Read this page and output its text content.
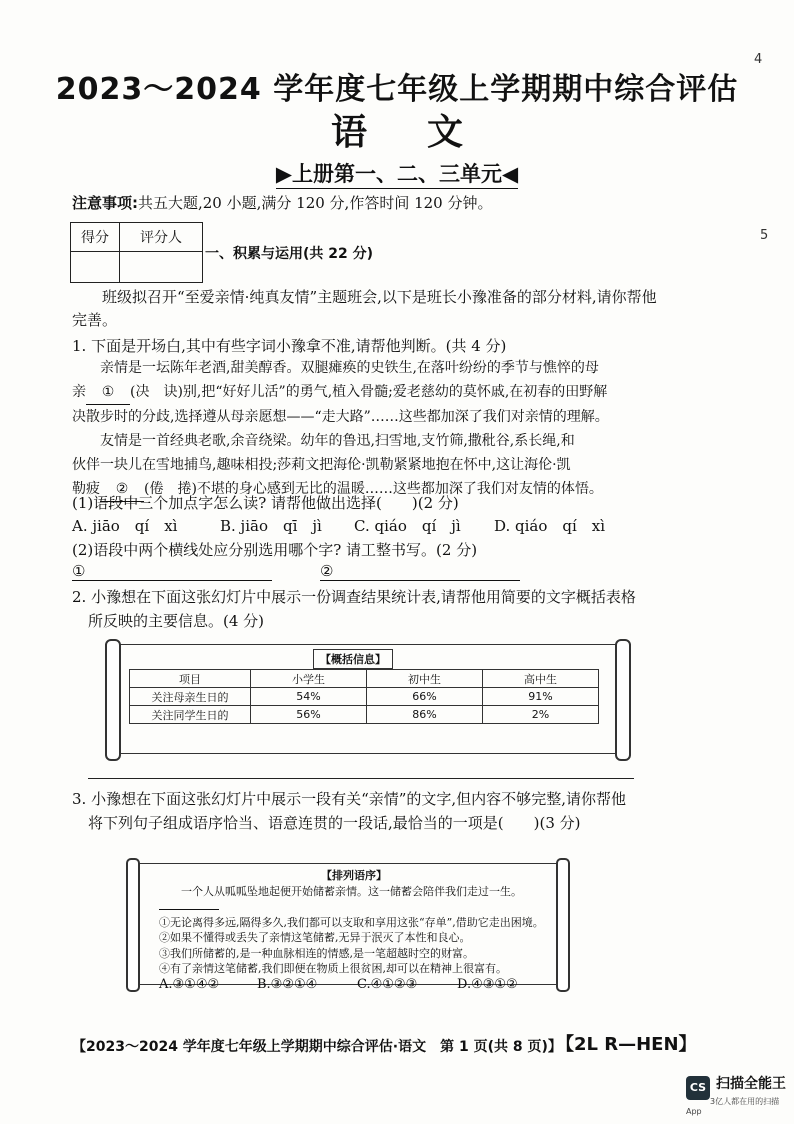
4
5
2023～2024 学年度七年级上学期期中综合评估
语文
▶上册第一、二、三单元◀
注意事项:共五大题,20 小题,满分 120 分,作答时间 120 分钟。
得分	评分人

一、积累与运用(共 22 分)
班级拟召开“至爱亲情·纯真友情”主题班会,以下是班长小豫准备的部分材料,请你帮他完善。
1. 下面是开场白,其中有些字词小豫拿不准,请帮他判断。(共 4 分)
亲情是一坛陈年老酒,甜美醇香。双腿瘫痪的史铁生,在落叶纷纷的季节与憔悴的母
亲 ① (决　诀)别,把“好好儿活”的勇气,植入骨髓;爱老慈幼的莫怀戚,在初春的田野解
决散步时的分歧,选择遵从母亲愿想——“走大路”……这些都加深了我们对亲情的理解。
友情是一首经典老歌,余音绕梁。幼年的鲁迅,扫雪地,支竹筛,撒秕谷,系长绳,和
伙伴一块儿在雪地捕鸟,趣味相投;莎莉文把海伦·凯勒紧紧地抱在怀中,这让海伦·凯
勒疲 ② (倦　捲)不堪的身心感到无比的温暖……这些都加深了我们对友情的体悟。
(1)语段中三个加点字怎么读? 请帮他做出选择(　　)(2 分)
A. jiāo　qí　xì	B. jiāo　qī　jì C. qiáo　qí　jì D. qiáo　qí　xì
(2)语段中两个横线处应分别选用哪个字? 请工整书写。(2 分)
①	②
2. 小豫想在下面这张幻灯片中展示一份调查结果统计表,请帮他用简要的文字概括表格
所反映的主要信息。(4 分)
【概括信息】
项目	小学生	初中生	高中生
关注母亲生日的	54%	66%	91%
关注同学生日的	56%	86%	2%
3. 小豫想在下面这张幻灯片中展示一段有关“亲情”的文字,但内容不够完整,请你帮他
将下列句子组成语序恰当、语意连贯的一段话,最恰当的一项是(　　)(3 分)
【排列语序】
一个人从呱呱坠地起便开始储蓄亲情。这一储蓄会陪伴我们走过一生。
①无论离得多远,隔得多久,我们都可以支取和享用这张“存单”,借助它走出困境。
②如果不懂得或丢失了亲情这笔储蓄,无异于泯灭了本性和良心。
③我们所储蓄的,是一种血脉相连的情感,是一笔超越时空的财富。
④有了亲情这笔储蓄,我们即便在物质上很贫困,却可以在精神上很富有。
A.③①④②	B.③②①④	C.④①②③	D.④③①②
【2023～2024 学年度七年级上学期期中综合评估·语文　第 1 页(共 8 页)】
【2L R—HEN】
CS 扫描全能王
3亿人都在用的扫描App
